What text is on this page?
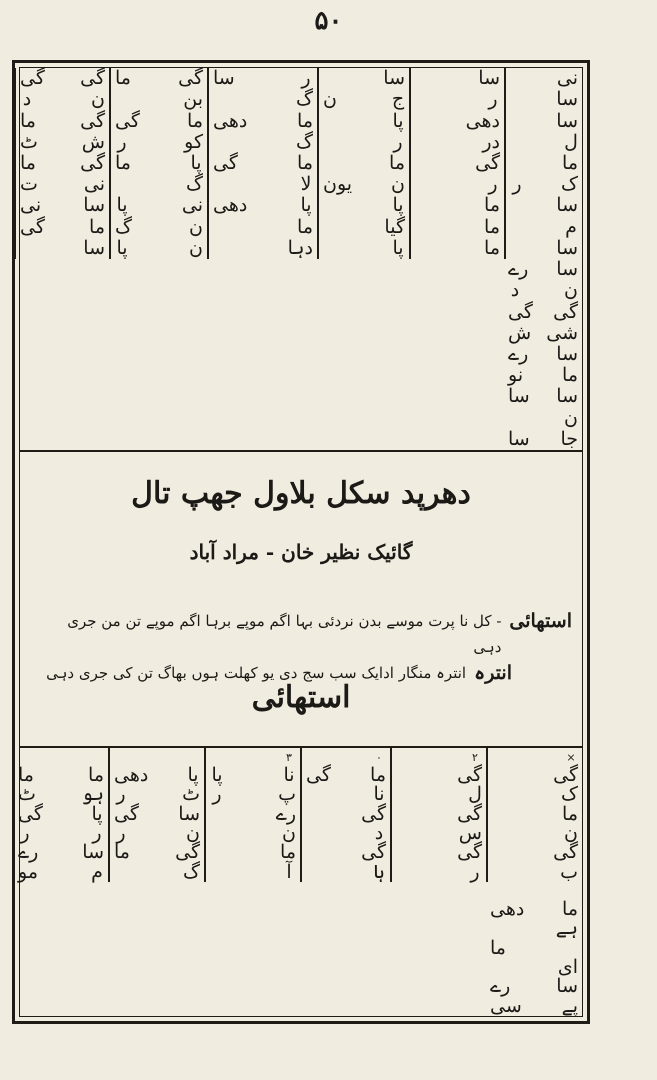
۵۰
نی
سا
سا
ل
ما
ک
ر
سا
م
سا
سا
ر
دھی
در
گی
ر
ما
ما
ما
سا
ج
ن
پا
ر
ما
ن
یون
پا
گیا
پا
ر
سا
گ
ما
دھی
گ
ما
گی
لا
پا
دھی
ما
دہا
گی
ما
بن
ما
گی
کو
ر
پا
ما
گ
نی
پا
ن
گ
ن
پا
گی
گی
ن
د
گی
ما
ش
ٹ
گی
ما
نی
ت
سا
نی
ما
گی
سا
سا
رے
ن
د
گی
گی
شی
ش
سا
رے
ما
نو
سا
سا
ن
جا
سا
دھرپد سکل بلاول جھپ تال
گائیک نظیر خان - مراد آباد
استھائی
- کل نا پرت موسے بدن نردئی بہا اگم موپے برہا اگم موپے تن من جری دہی
انترہ
انترہ منگار ادایک سب سج دی یو کھلت ہوں بھاگ تن کی جری دہی
استھائی
×
گی
ک
ما
ن
گی
ب
۲
گی
ل
گی
س
گی
ر
۰
ما
گی
نا
گی
د
گی
ہا
۳
نا
پا
پ
ر
رے
ن
ما
آ
پا
دھی
ٹ
ر
سا
گی
ن
ر
گی
ما
گ
ما
ما
ہو
ٹ
پا
گی
ر
ر
سا
رے
م
مو
ما
دھی
ہے
ما
ای
سا
رے
پے
سی
